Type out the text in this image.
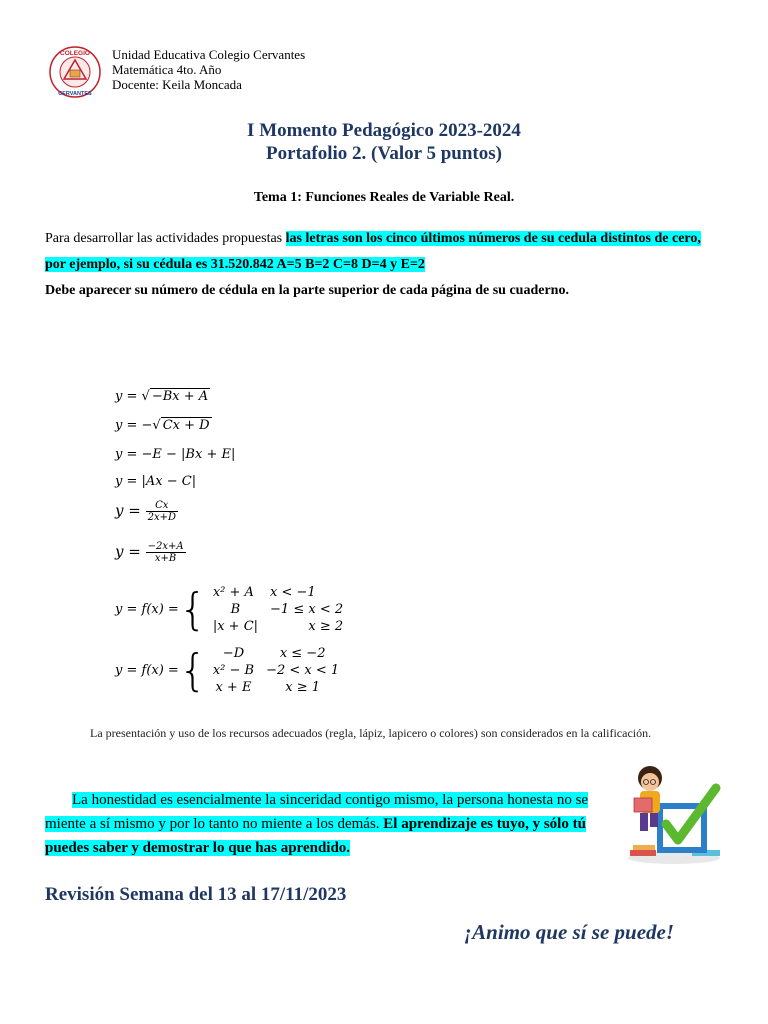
COLEGIO
CERVANTES
Unidad Educativa Colegio Cervantes
Matemática 4to. Año
Docente: Keila Moncada
I Momento Pedagógico 2023-2024
Portafolio 2. (Valor 5 puntos)
Tema 1: Funciones Reales de Variable Real.
Para desarrollar las actividades propuestas las letras son los cinco últimos números de su cedula distintos de cero, por ejemplo, si su cédula es 31.520.842 A=5 B=2 C=8 D=4 y E=2
Debe aparecer su número de cédula en la parte superior de cada página de su cuaderno.
y = √ −Bx + A
y = −√ Cx + D
y = −E − |Bx + E|
y = |Ax − C|
$y = \frac{Cx}{2x+D}$
$y = \frac{-2x+A}{x+B}$
y = f(x) ={ x² + A	x < −1
B	−1 ≤ x < 2
|x + C|	x ≥ 2
y = f(x) ={ −D	x ≤ −2
x² − B	−2 < x < 1
x + E	x ≥ 1
La presentación y uso de los recursos adecuados (regla, lápiz, lapicero o colores) son considerados en la calificación.
La honestidad es esencialmente la sinceridad contigo mismo, la persona honesta no se miente a sí mismo y por lo tanto no miente a los demás. El aprendizaje es tuyo, y sólo tú puedes saber y demostrar lo que has aprendido.
Revisión Semana del 13 al 17/11/2023
¡Animo que sí se puede!
